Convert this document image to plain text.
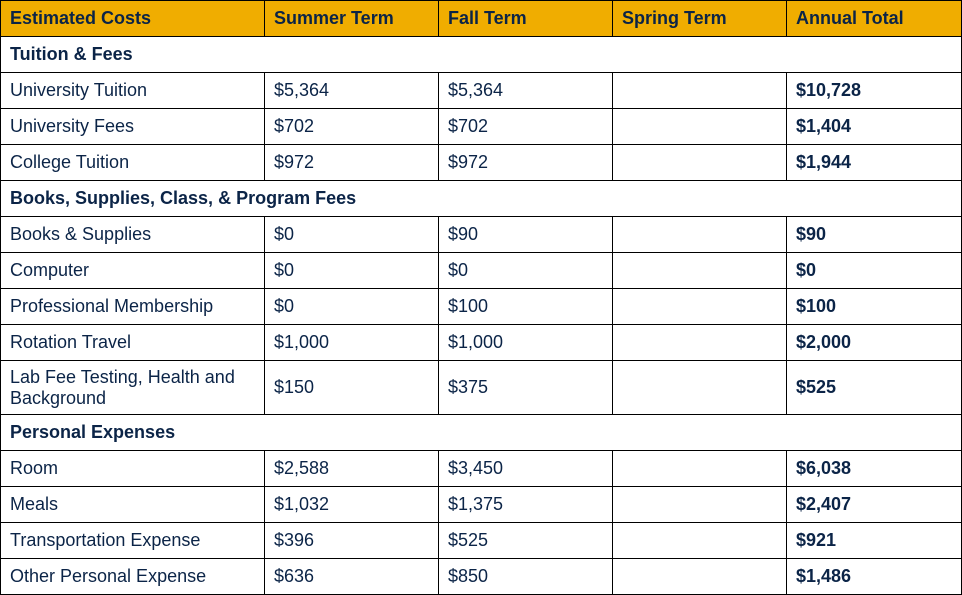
Estimated Costs	Summer Term	Fall Term	Spring Term	Annual Total
Tuition & Fees				
University Tuition	$5,364	$5,364		$10,728
University Fees	$702	$702		$1,404
College Tuition	$972	$972		$1,944
Books, Supplies, Class, & Program Fees				
Books & Supplies	$0	$90		$90
Computer	$0	$0		$0
Professional Membership	$0	$100		$100
Rotation Travel	$1,000	$1,000		$2,000
Lab Fee Testing, Health and Background	$150	$375		$525
Personal Expenses				
Room	$2,588	$3,450		$6,038
Meals	$1,032	$1,375		$2,407
Transportation Expense	$396	$525		$921
Other Personal Expense	$636	$850		$1,486
